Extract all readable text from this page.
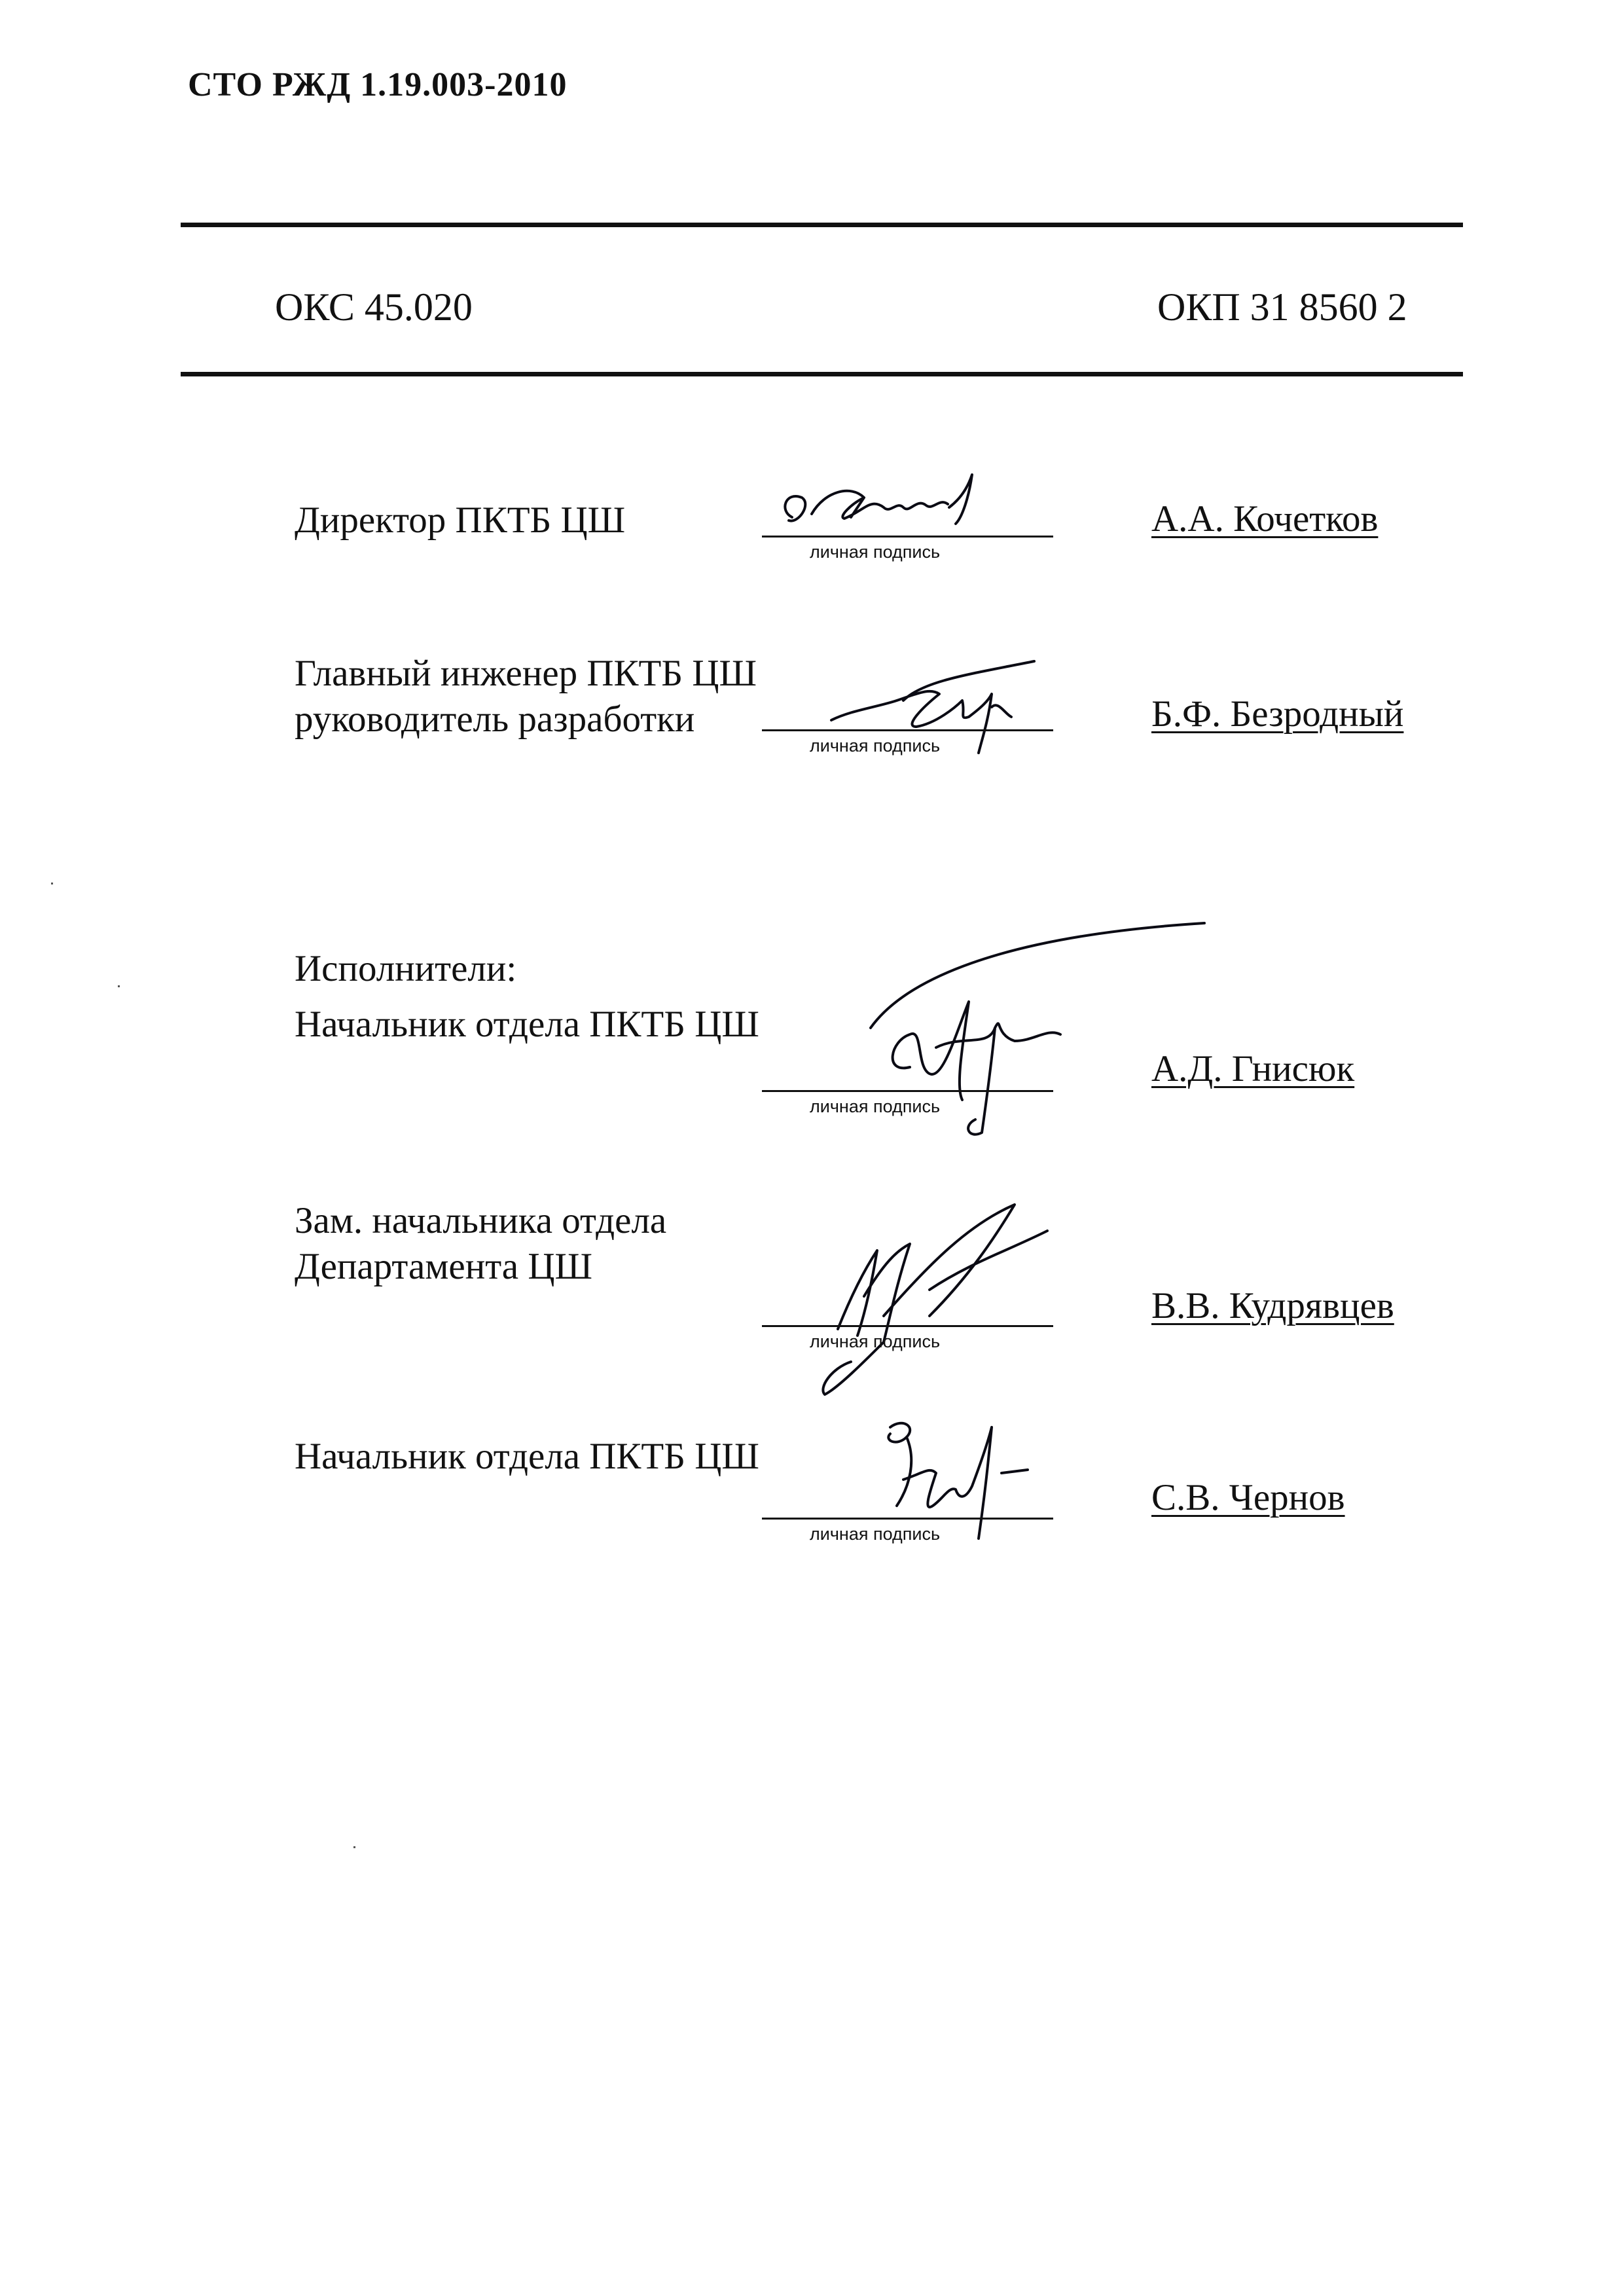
СТО РЖД 1.19.003-2010
ОКС 45.020	ОКП 31 8560 2
Директор ПКТБ ЦШ
личная подпись
А.А. Кочетков
Главный инженер ПКТБ ЦШ
руководитель разработки
личная подпись
Б.Ф. Безродный
Исполнители:
Начальник отдела ПКТБ ЦШ
личная подпись
А.Д. Гнисюк
Зам. начальника отдела
Департамента ЦШ
личная подпись
В.В. Кудрявцев
Начальник отдела ПКТБ ЦШ
личная подпись
С.В. Чернов
